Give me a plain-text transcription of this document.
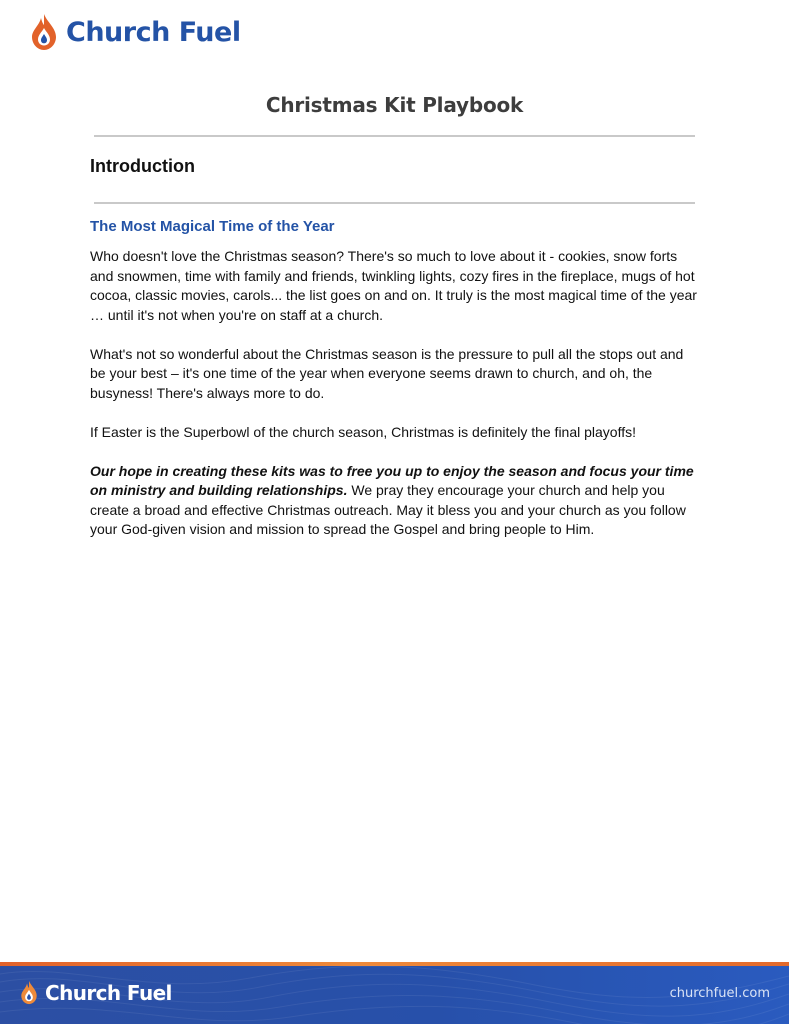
Church Fuel
Christmas Kit Playbook
Introduction
The Most Magical Time of the Year

Who doesn't love the Christmas season? There's so much to love about it - cookies, snow forts and snowmen, time with family and friends, twinkling lights, cozy fires in the fireplace, mugs of hot cocoa, classic movies, carols... the list goes on and on. It truly is the most magical time of the year … until it's not when you're on staff at a church.

What's not so wonderful about the Christmas season is the pressure to pull all the stops out and be your best – it's one time of the year when everyone seems drawn to church, and oh, the busyness! There's always more to do.

If Easter is the Superbowl of the church season, Christmas is definitely the final playoffs!

Our hope in creating these kits was to free you up to enjoy the season and focus your time on ministry and building relationships. We pray they encourage your church and help you create a broad and effective Christmas outreach. May it bless you and your church as you follow your God-given vision and mission to spread the Gospel and bring people to Him.

Church Fuel	churchfuel.com
